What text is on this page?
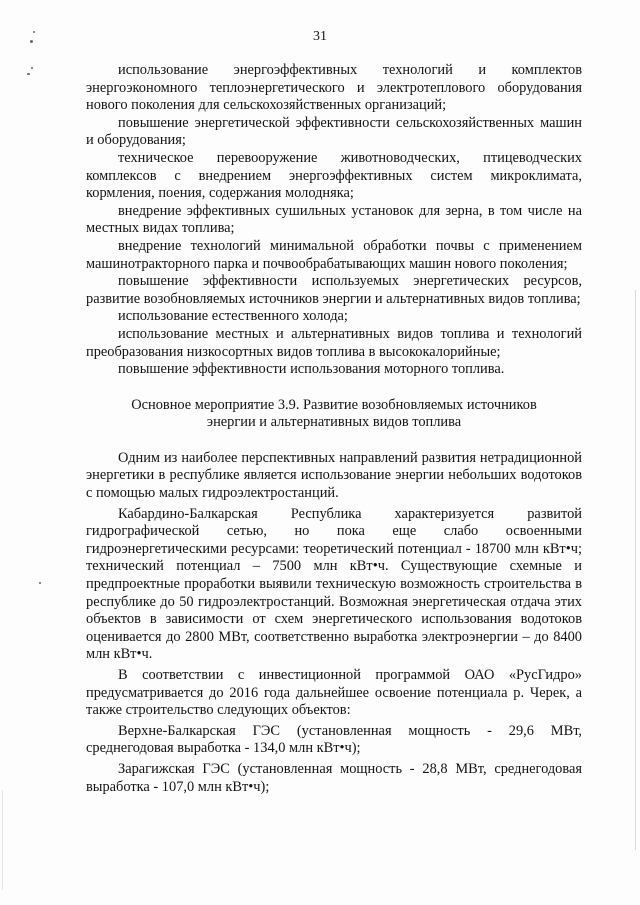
31

использование энергоэффективных технологий и комплектов энергоэкономного теплоэнергетического и электротеплового оборудования нового поколения для сельскохозяйственных организаций;

повышение энергетической эффективности сельскохозяйственных машин и оборудования;

техническое перевооружение животноводческих, птицеводческих комплексов с внедрением энергоэффективных систем микроклимата, кормления, поения, содержания молодняка;

внедрение эффективных сушильных установок для зерна, в том числе на местных видах топлива;

внедрение технологий минимальной обработки почвы с применением машинотракторного парка и почвообрабатывающих машин нового поколения;

повышение эффективности используемых энергетических ресурсов, развитие возобновляемых источников энергии и альтернативных видов топлива;

использование естественного холода;

использование местных и альтернативных видов топлива и технологий преобразования низкосортных видов топлива в высококалорийные;

повышение эффективности использования моторного топлива.

Основное мероприятие 3.9. Развитие возобновляемых источников
энергии и альтернативных видов топлива

Одним из наиболее перспективных направлений развития нетрадиционной энергетики в республике является использование энергии небольших водотоков с помощью малых гидроэлектростанций.

Кабардино-Балкарская Республика характеризуется развитой гидрографической сетью, но пока еще слабо освоенными гидроэнергетическими ресурсами: теоретический потенциал - 18700 млн кВт•ч; технический потенциал – 7500 млн кВт•ч. Существующие схемные и предпроектные проработки выявили техническую возможность строительства в республике до 50 гидроэлектростанций. Возможная энергетическая отдача этих объектов в зависимости от схем энергетического использования водотоков оценивается до 2800 МВт, соответственно выработка электроэнергии – до 8400 млн кВт•ч.

В соответствии с инвестиционной программой ОАО «РусГидро» предусматривается до 2016 года дальнейшее освоение потенциала р. Черек, а также строительство следующих объектов:

Верхне-Балкарская ГЭС (установленная мощность - 29,6 МВт, среднегодовая выработка - 134,0 млн кВт•ч);

Зарагижская ГЭС (установленная мощность - 28,8 МВт, среднегодовая выработка - 107,0 млн кВт•ч);
